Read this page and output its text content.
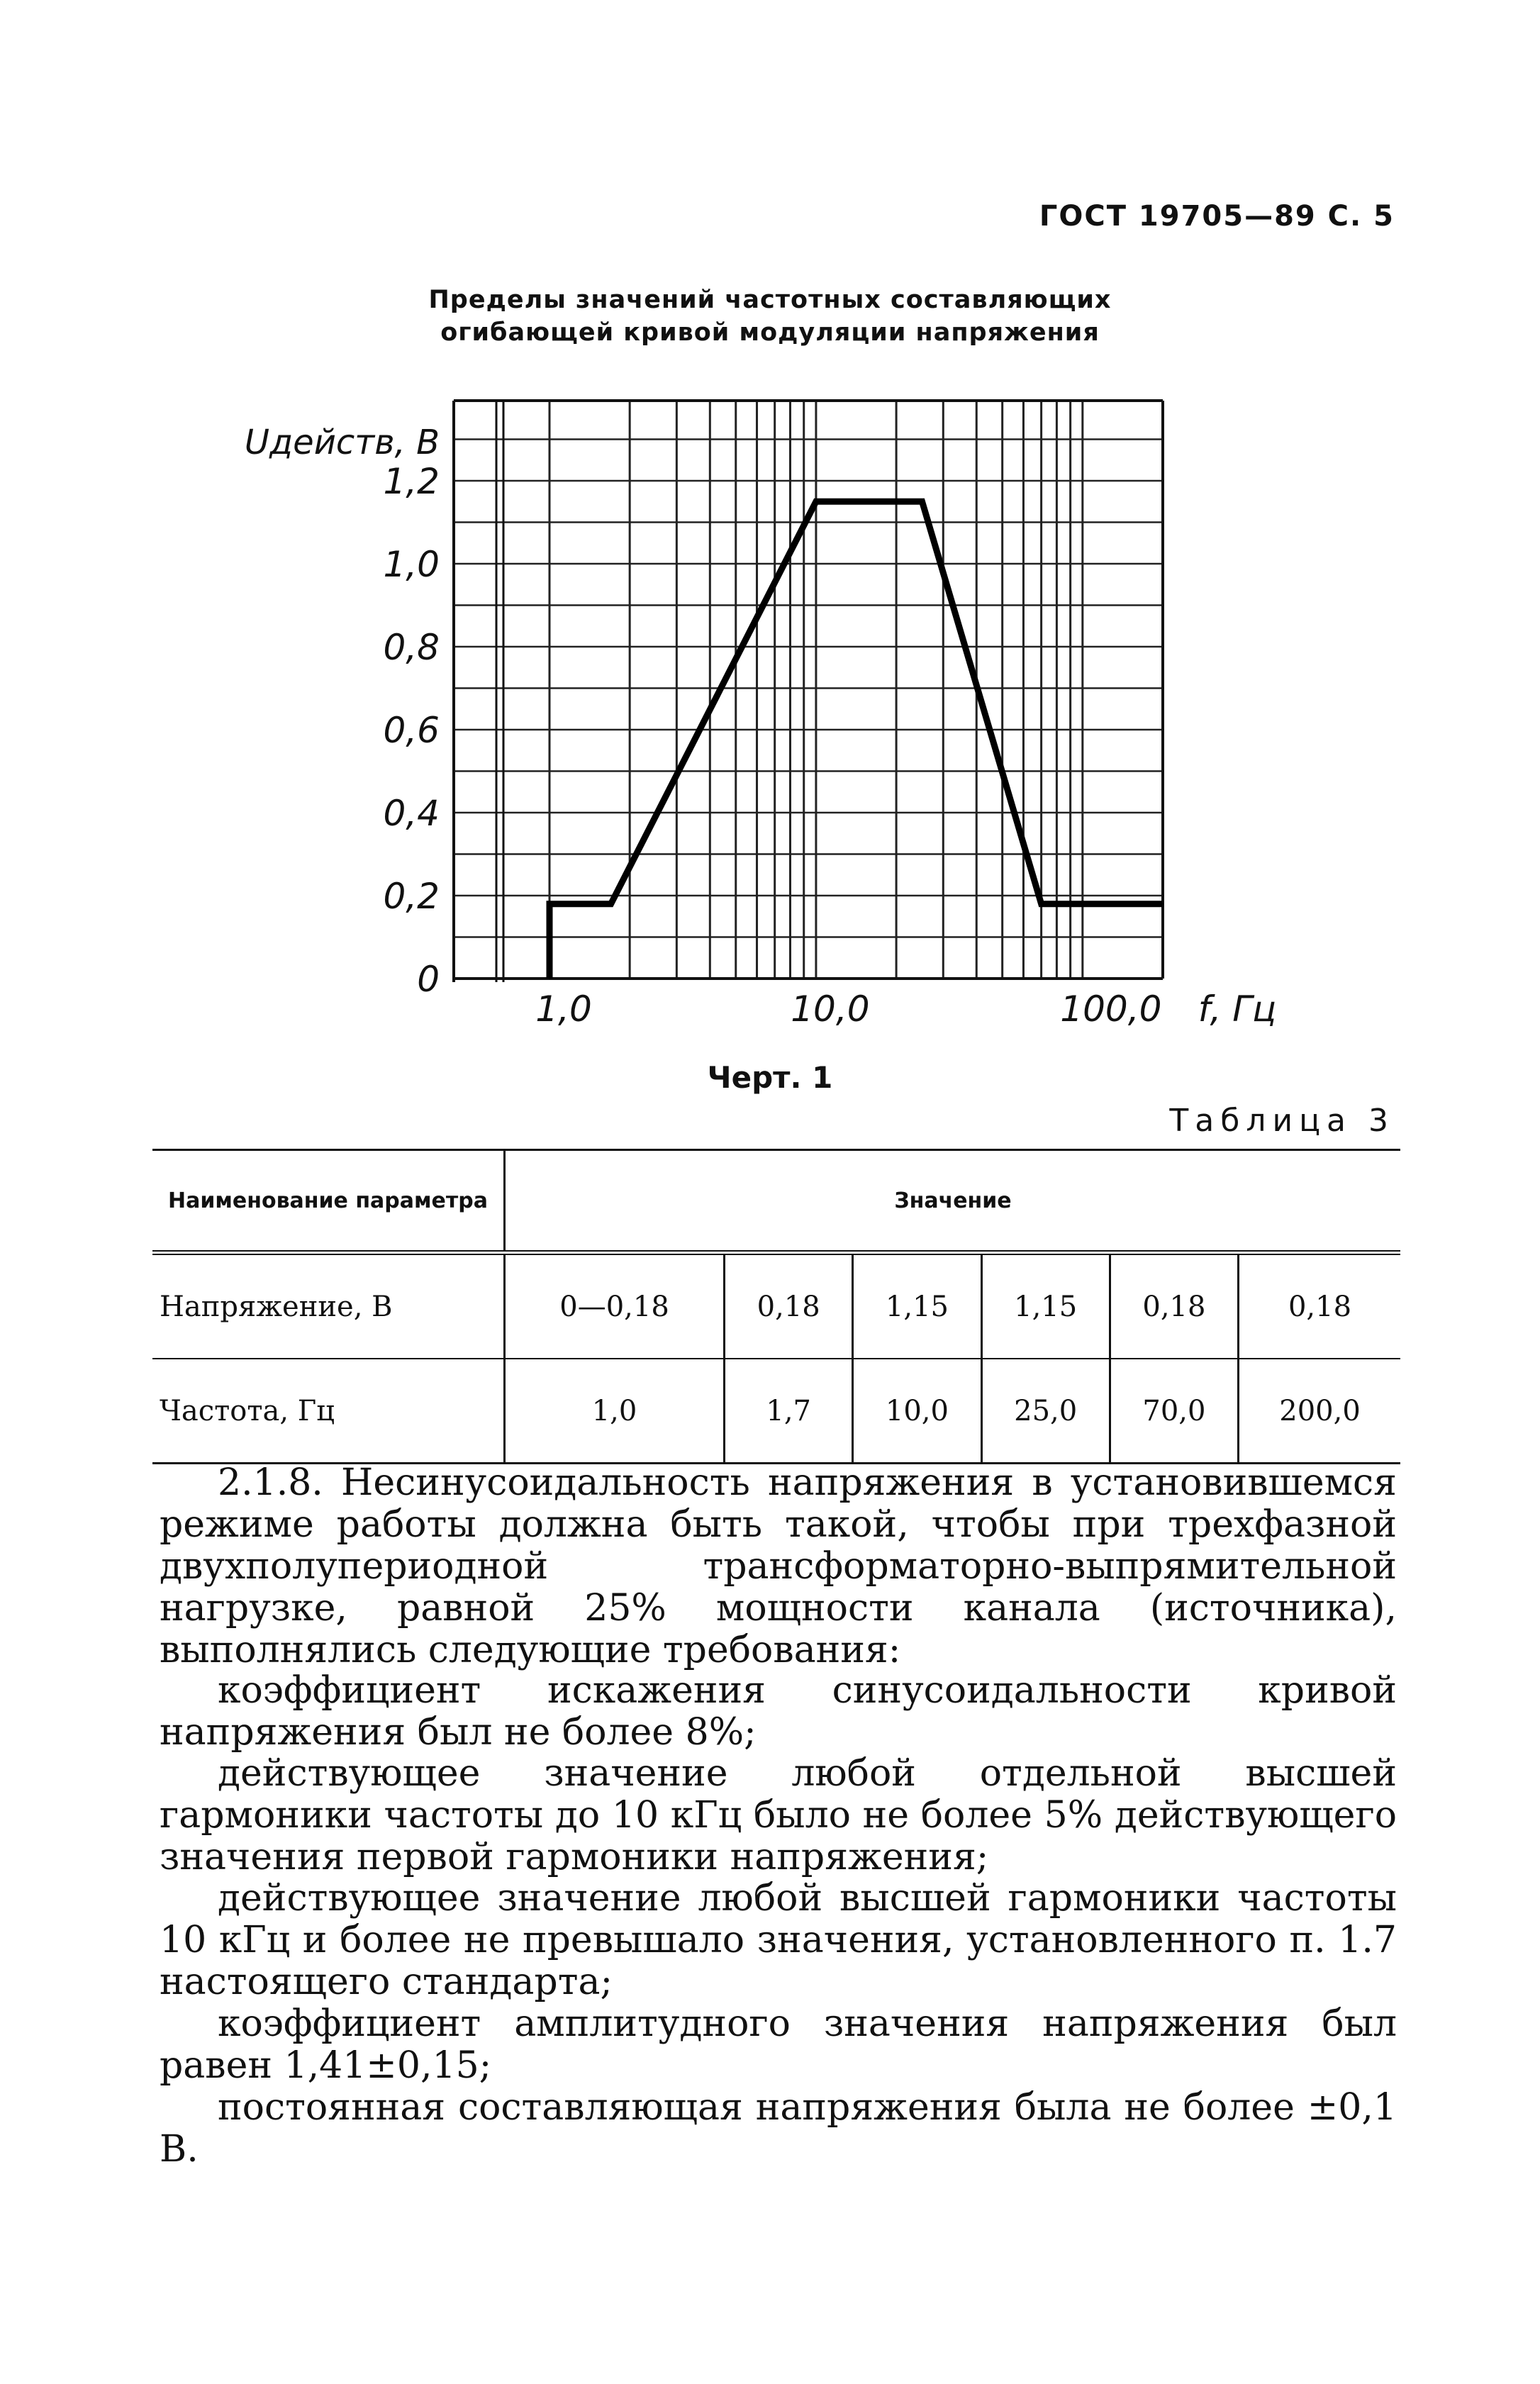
ГОСТ 19705—89 С. 5
Пределы значений частотных составляющих
огибающей кривой модуляции напряжения
0
0,2
0,4
0,6
0,8
1,0
1,2
1,0	10,0	100,0
Uдейств, В
f, Гц
Черт. 1
Таблица 3
Наименование параметра	Значение					
Напряжение, В	0—0,18	0,18	1,15	1,15	0,18	0,18
Частота, Гц	1,0	1,7	10,0	25,0	70,0	200,0
2.1.8. Несинусоидальность напряжения в установившемся режиме работы должна быть такой, чтобы при трехфазной двухполупериодной трансформаторно-выпрямительной нагрузке, равной 25% мощности канала (источника), выполнялись следующие требования:
коэффициент искажения синусоидальности кривой напряжения был не более 8%;
действующее значение любой отдельной высшей гармоники частоты до 10 кГц было не более 5% действующего значения первой гармоники напряжения;
действующее значение любой высшей гармоники частоты 10 кГц и более не превышало значения, установленного п. 1.7 настоящего стандарта;
коэффициент амплитудного значения напряжения был равен 1,41±0,15;
постоянная составляющая напряжения была не более ±0,1 В.
